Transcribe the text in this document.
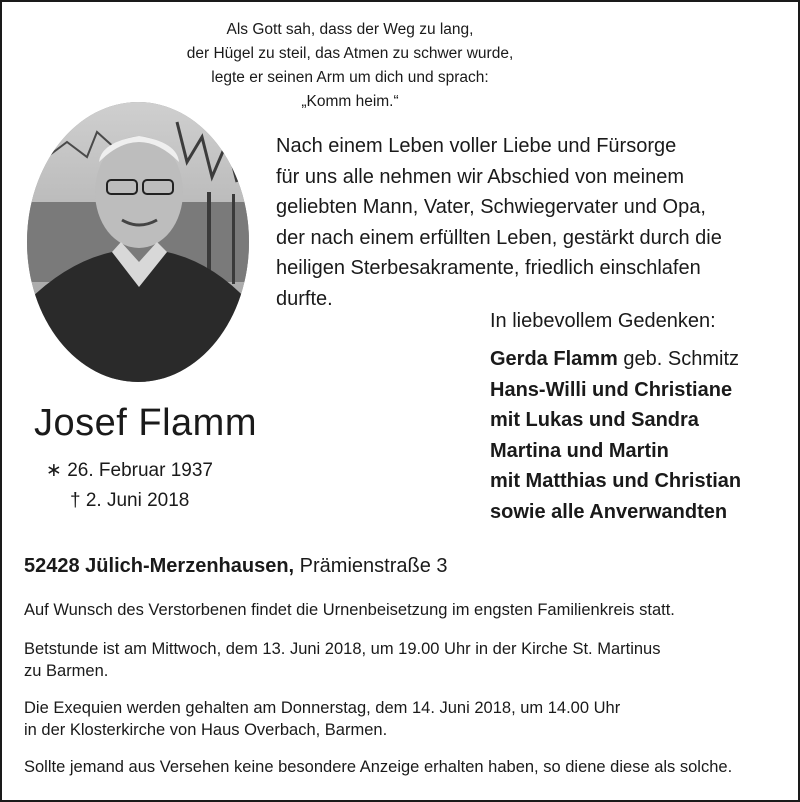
Als Gott sah, dass der Weg zu lang,
der Hügel zu steil, das Atmen zu schwer wurde,
legte er seinen Arm um dich und sprach:
„Komm heim.“
Nach einem Leben voller Liebe und Fürsorge
für uns alle nehmen wir Abschied von meinem
geliebten Mann, Vater, Schwiegervater und Opa,
der nach einem erfüllten Leben, gestärkt durch die
heiligen Sterbesakramente, friedlich einschlafen
durfte.
In liebevollem Gedenken:
Gerda Flamm geb. Schmitz
Hans-Willi und Christiane
mit Lukas und Sandra
Martina und Martin
mit Matthias und Christian
sowie alle Anverwandten
Josef Flamm
∗ 26. Februar 1937
† 2. Juni 2018
52428 Jülich-Merzenhausen, Prämienstraße 3
Auf Wunsch des Verstorbenen findet die Urnenbeisetzung im engsten Familienkreis statt.
Betstunde ist am Mittwoch, dem 13. Juni 2018, um 19.00 Uhr in der Kirche St. Martinus
zu Barmen.
Die Exequien werden gehalten am Donnerstag, dem 14. Juni 2018, um 14.00 Uhr
in der Klosterkirche von Haus Overbach, Barmen.
Sollte jemand aus Versehen keine besondere Anzeige erhalten haben, so diene diese als solche.
